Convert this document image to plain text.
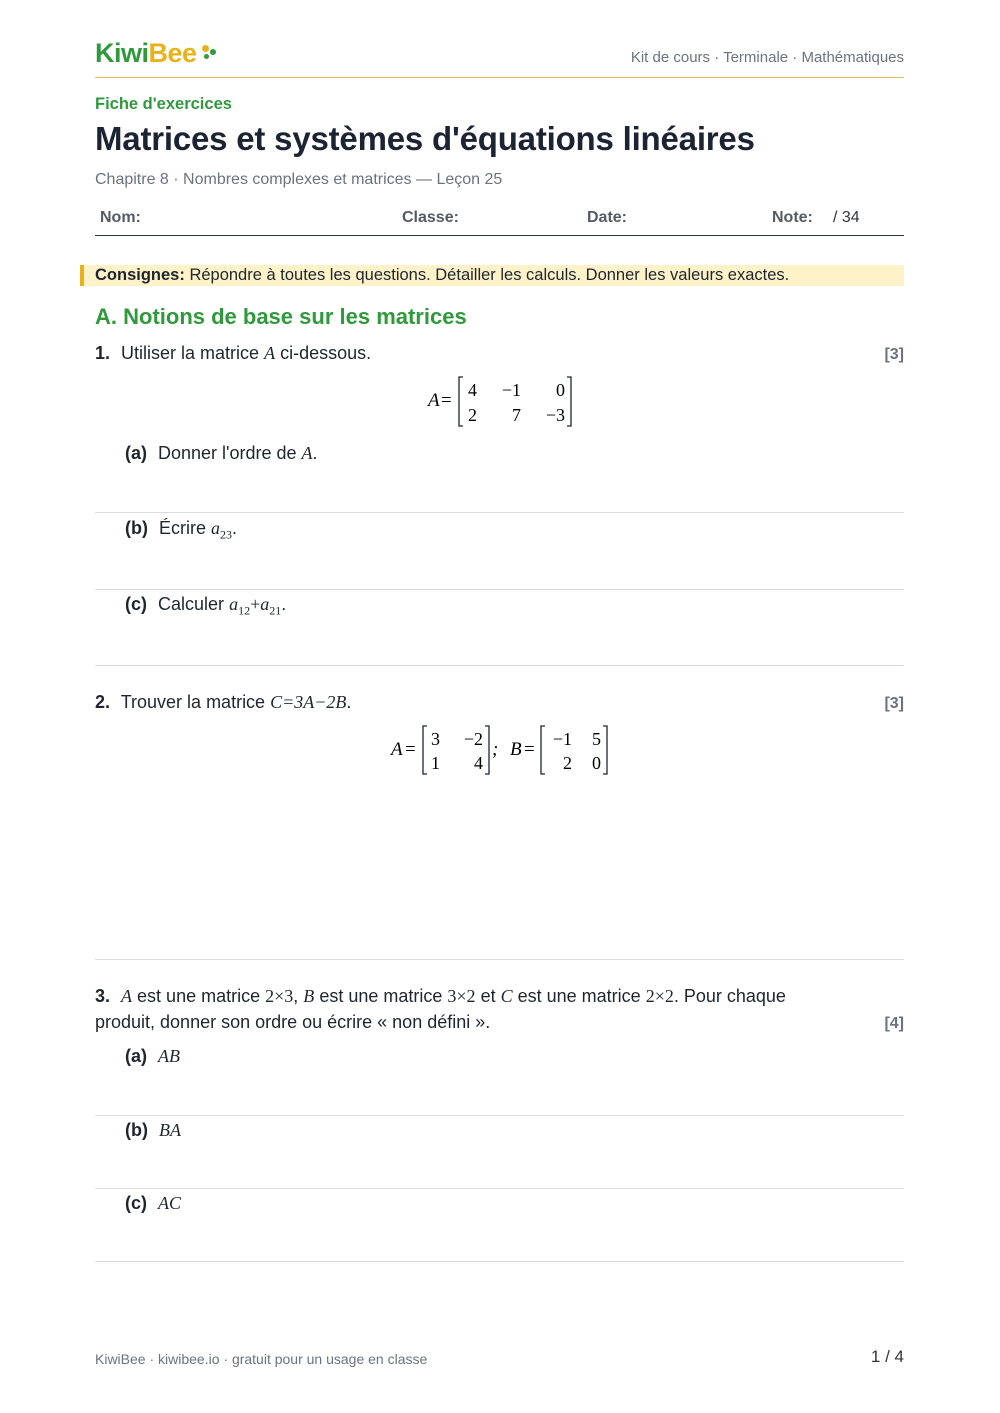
Kiwi Bee	Kit de cours · Terminale · Mathématiques
Fiche d'exercices
Matrices et systèmes d'équations linéaires
Chapitre 8 · Nombres complexes et matrices — Leçon 25
Nom:	Classe:	Date:	Note: / 34
Consignes: Répondre à toutes les questions. Détailler les calculs. Donner les valeurs exactes.
A. Notions de base sur les matrices
1. Utiliser la matrice A ci-dessous.	[3]
A = 4 −1 0
2 7 −3
(a) Donner l'ordre de A.
(b) Écrire $a_{23}$.
(c) Calculer $a_{12}+a_{21}$.
2. Trouver la matrice C=3A−2B.	[3]
A = 3 −2
1 4
; B = −1 5
2 0
3. A est une matrice 2×3, B est une matrice 3×2 et C est une matrice 2×2. Pour chaque
produit, donner son ordre ou écrire « non défini ».	[4]
(a) AB
(b) BA
(c) AC
KiwiBee · kiwibee.io · gratuit pour un usage en classe	1 / 4
